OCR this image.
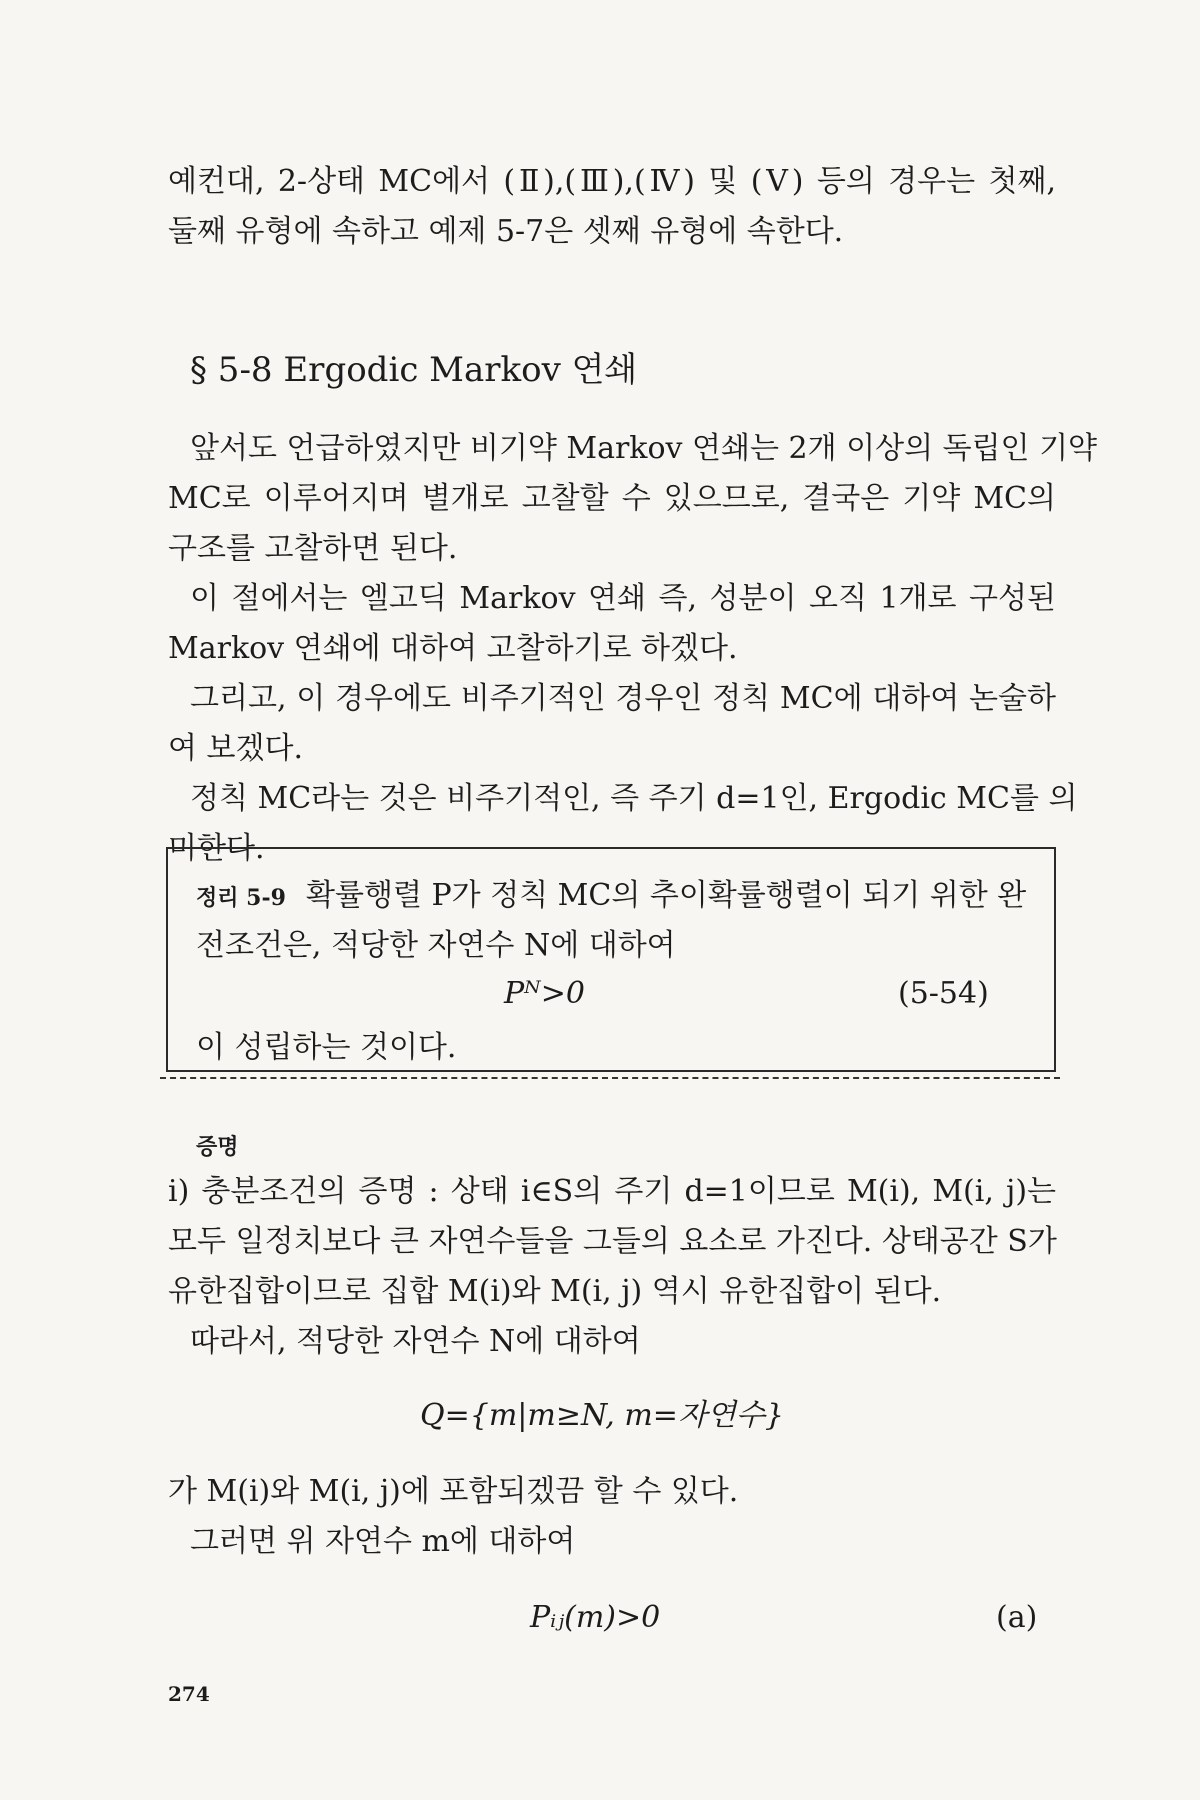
예컨대, 2-상태 MC에서 (Ⅱ),(Ⅲ),(Ⅳ) 및 (Ⅴ) 등의 경우는 첫째,
둘째 유형에 속하고 예제 5-7은 셋째 유형에 속한다.
§ 5-8 Ergodic Markov 연쇄
앞서도 언급하였지만 비기약 Markov 연쇄는 2개 이상의 독립인 기약
MC로 이루어지며 별개로 고찰할 수 있으므로, 결국은 기약 MC의
구조를 고찰하면 된다.
이 절에서는 엘고딕 Markov 연쇄 즉, 성분이 오직 1개로 구성된
Markov 연쇄에 대하여 고찰하기로 하겠다.
그리고, 이 경우에도 비주기적인 경우인 정칙 MC에 대하여 논술하
여 보겠다.
정칙 MC라는 것은 비주기적인, 즉 주기 d=1인, Ergodic MC를 의
미한다.
정리 5-9 확률행렬 P가 정칙 MC의 추이확률행렬이 되기 위한 완
전조건은, 적당한 자연수 N에 대하여
Pᴺ>0	(5-54)
이 성립하는 것이다.
증명
i) 충분조건의 증명 : 상태 i∈S의 주기 d=1이므로 M(i), M(i, j)는
모두 일정치보다 큰 자연수들을 그들의 요소로 가진다. 상태공간 S가
유한집합이므로 집합 M(i)와 M(i, j) 역시 유한집합이 된다.
따라서, 적당한 자연수 N에 대하여
Q={m|m≥N, m=자연수}
가 M(i)와 M(i, j)에 포함되겠끔 할 수 있다.
그러면 위 자연수 m에 대하여
Pᵢⱼ(m)>0	(a)
274
